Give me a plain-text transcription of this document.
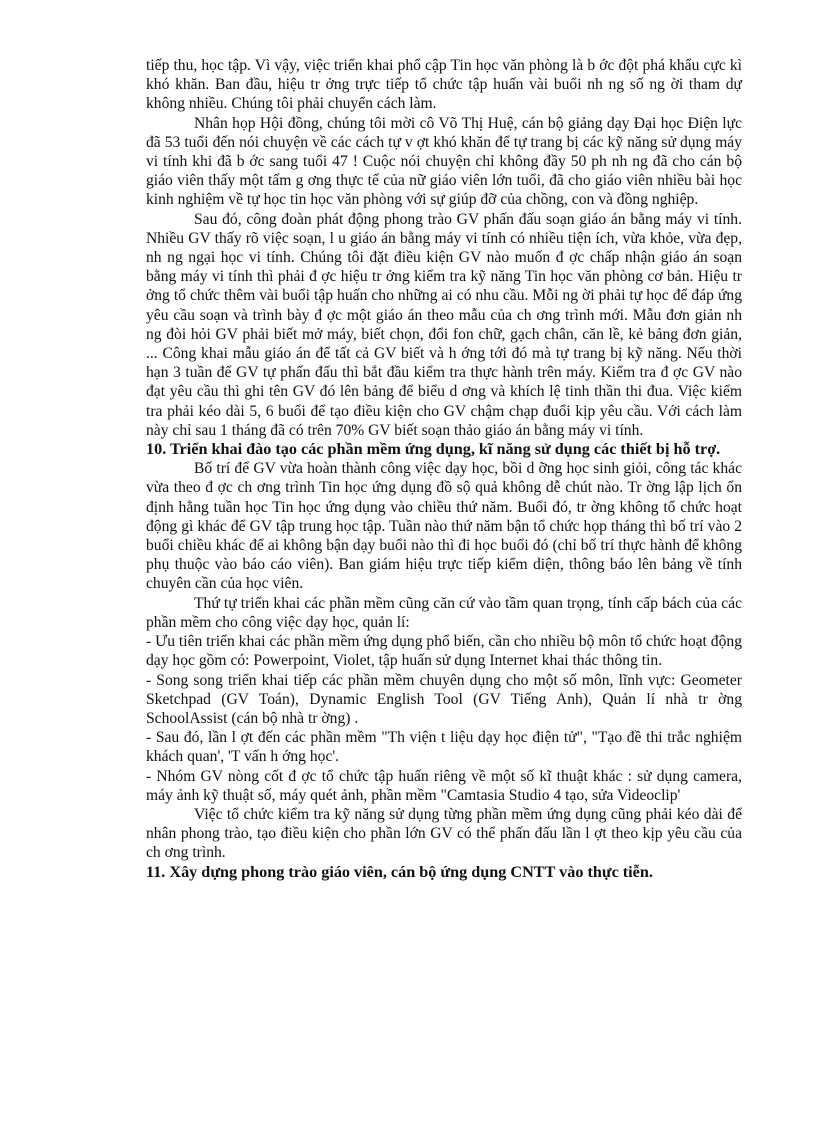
tiếp thu, học tập. Vì vậy, việc triển khai phổ cập Tin học văn phòng là b ớc đột phá khẩu cực kì khó khăn. Ban đầu, hiệu tr ởng trực tiếp tổ chức tập huấn vài buổi nh ng số ng ời tham dự không nhiều. Chúng tôi phải chuyển cách làm.

Nhân họp Hội đồng, chúng tôi mời cô Võ Thị Huệ, cán bộ giảng dạy Đại học Điện lực đã 53 tuổi đến nói chuyện về các cách tự v ợt khó khăn để tự trang bị các kỹ năng sử dụng máy vi tính khi đã b ớc sang tuổi 47 ! Cuộc nói chuyện chỉ không đầy 50 ph nh ng đã cho cán bộ giáo viên thấy một tấm g ơng thực tế của nữ giáo viên lớn tuổi, đã cho giáo viên nhiều bài học kinh nghiệm về tự học tin học văn phòng với sự giúp đỡ của chồng, con và đồng nghiệp.

Sau đó, công đoàn phát động phong trào GV phấn đấu soạn giáo án bằng máy vi tính. Nhiều GV thấy rõ việc soạn, l u giáo án bằng máy vi tính có nhiều tiện ích, vừa khỏe, vừa đẹp, nh ng ngại học vi tính. Chúng tôi đặt điều kiện GV nào muốn đ ợc chấp nhận giáo án soạn bằng máy vi tính thì phải đ ợc hiệu tr ởng kiểm tra kỹ năng Tin học văn phòng cơ bản. Hiệu tr ởng tổ chức thêm vài buổi tập huấn cho những ai có nhu cầu. Mỗi ng ời phải tự học để đáp ứng yêu cầu soạn và trình bày đ ợc một giáo án theo mẫu của ch ơng trình mới. Mẫu đơn giản nh ng đòi hỏi GV phải biết mở máy, biết chọn, đổi fon chữ, gạch chân, căn lề, kẻ bảng đơn giản, ... Công khai mẫu giáo án để tất cả GV biết và h ớng tới đó mà tự trang bị kỹ năng. Nếu thời hạn 3 tuần để GV tự phấn đấu thì bắt đầu kiểm tra thực hành trên máy. Kiểm tra đ ợc GV nào đạt yêu cầu thì ghi tên GV đó lên bảng để biểu d ơng và khích lệ tinh thần thi đua. Việc kiểm tra phải kéo dài 5, 6 buổi để tạo điều kiện cho GV chậm chạp đuổi kịp yêu cầu. Với cách làm này chỉ sau 1 tháng đã có trên 70% GV biết soạn thảo giáo án bằng máy vi tính.

10. Triển khai đào tạo các phần mềm ứng dụng, kĩ năng sử dụng các thiết bị hỗ trợ.

Bố trí để GV vừa hoàn thành công việc dạy học, bồi d ỡng học sinh giỏi, công tác khác vừa theo đ ợc ch ơng trình Tin học ứng dụng đồ sộ quả không dễ chút nào. Tr ờng lập lịch ổn định hằng tuần học Tin học ứng dụng vào chiều thứ năm. Buổi đó, tr ờng không tổ chức hoạt động gì khác để GV tập trung học tập. Tuần nào thứ năm bận tổ chức họp tháng thì bố trí vào 2 buổi chiều khác để ai không bận dạy buổi nào thì đi học buổi đó (chỉ bố trí thực hành để không phụ thuộc vào báo cáo viên). Ban giám hiệu trực tiếp kiểm diện, thông báo lên bảng về tính chuyên cần của học viên.

Thứ tự triển khai các phần mềm cũng căn cứ vào tầm quan trọng, tính cấp bách của các phần mềm cho công việc dạy học, quản lí:

- Ưu tiên triển khai các phần mềm ứng dụng phổ biến, cần cho nhiều bộ môn tổ chức hoạt động dạy học gồm có: Powerpoint, Violet, tập huấn sử dụng Internet khai thác thông tin.

- Song song triển khai tiếp các phần mềm chuyên dụng cho một số môn, lĩnh vực: Geometer Sketchpad (GV Toán), Dynamic English Tool (GV Tiếng Anh), Quản lí nhà tr ờng SchoolAssist (cán bộ nhà tr ờng) .

- Sau đó, lần l ợt đến các phần mềm "Th viện t liệu dạy học điện tử", "Tạo đề thi trắc nghiệm khách quan', 'T vấn h ớng học'.

- Nhóm GV nòng cốt đ ợc tổ chức tập huấn riêng về một số kĩ thuật khác : sử dụng camera, máy ảnh kỹ thuật số, máy quét ảnh, phần mềm "Camtasia Studio 4 tạo, sửa Videoclip'

Việc tổ chức kiểm tra kỹ năng sử dụng từng phần mềm ứng dụng cũng phải kéo dài để nhân phong trào, tạo điều kiện cho phần lớn GV có thể phấn đấu lần l ợt theo kịp yêu cầu của ch ơng trình.

11. Xây dựng phong trào giáo viên, cán bộ ứng dụng CNTT vào thực tiễn.
